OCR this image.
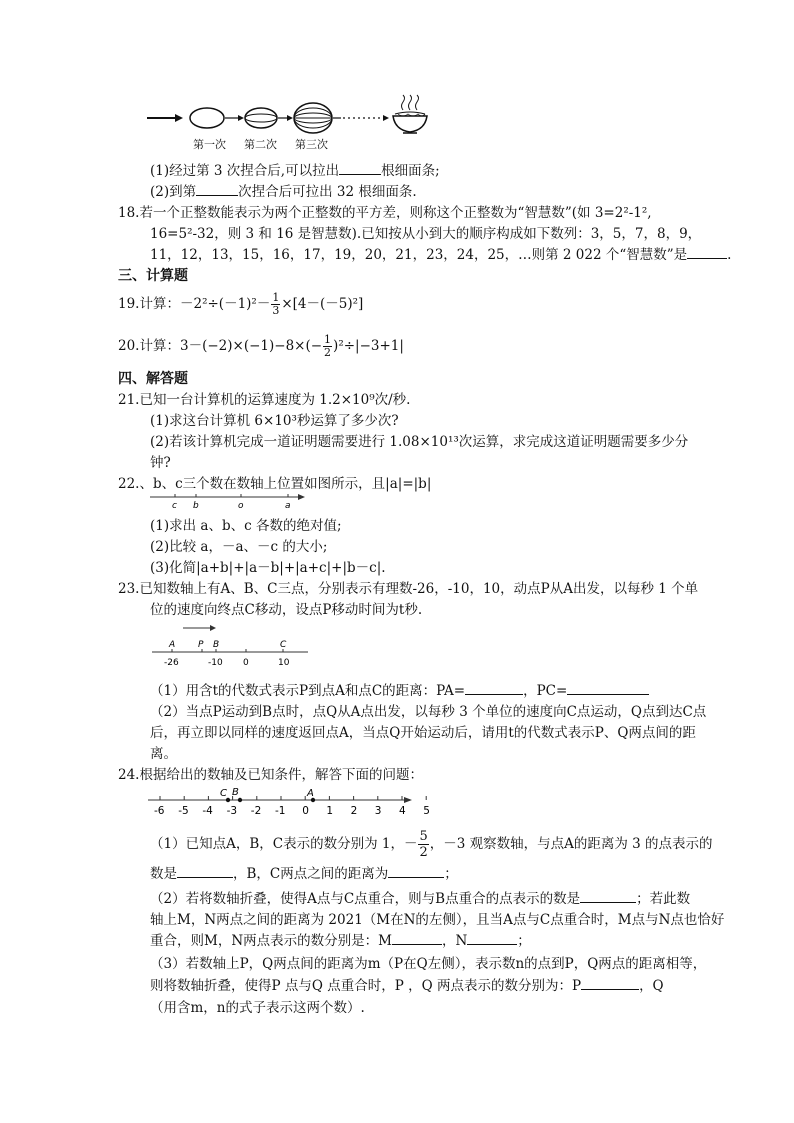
第一次 第二次 第三次
(1)经过第 3 次捏合后,可以拉出	根细面条;
(2)到第	次捏合后可拉出 32 根细面条.
18.若一个正整数能表示为两个正整数的平方差，则称这个正整数为“智慧数”(如 3=2²-1²,
16=5²-32，则 3 和 16 是智慧数).已知按从小到大的顺序构成如下数列：3，5，7，8，9，
11，12，13，15，16，17，19，20，21，23，24，25，…则第 2 022 个“智慧数”是	.
三、计算题
19.计算：$-2^2\div(-1)^2- \frac{1}{3} \times[4-(-5)^2]$
20.计算：$3-(-2)\times(-1)-8\times(- \frac{1}{2} )^2\div|-3+1|$
四、解答题
21.已知一台计算机的运算速度为 1.2×10⁹次/秒.
(1)求这台计算机 6×10³秒运算了多少次?
(2)若该计算机完成一道证明题需要进行 1.08×10¹³次运算，求完成这道证明题需要多少分
钟?
22.、b、c三个数在数轴上位置如图所示，且|a|=|b|
c b	o	a
(1)求出 a、b、c 各数的绝对值;
(2)比较 a，－a、－c 的大小;
(3)化简|a+b|+|a－b|+|a+c|+|b－c|.
23.已知数轴上有A、B、C三点，分别表示有理数-26，-10，10，动点P从A出发，以每秒 1 个单
位的速度向终点C移动，设点P移动时间为t秒.
A	P B	C
-26	-10 0	10
（1）用含t的代数式表示P到点A和点C的距离：PA=	，PC=
（2）当点P运动到B点时，点Q从A点出发，以每秒 3 个单位的速度向C点运动，Q点到达C点
后，再立即以同样的速度返回点A，当点Q开始运动后，请用t的代数式表示P、Q两点间的距
离。
24.根据给出的数轴及已知条件，解答下面的问题：
-6 -5 -4 -3 -2 -1 0 1 2 3 4 5
C B	A
（1）已知点A，B，C表示的数分别为 1，－ $\frac{5}{2}$ ，－3 观察数轴，与点A的距离为 3 的点表示的
数是	，B，C两点之间的距离为	；
（2）若将数轴折叠，使得A点与C点重合，则与B点重合的点表示的数是	；若此数
轴上M，N两点之间的距离为 2021（M在N的左侧），且当A点与C点重合时，M点与N点也恰好
重合，则M，N两点表示的数分别是：M	，N	；
（3）若数轴上P，Q两点间的距离为m（P在Q左侧），表示数n的点到P，Q两点的距离相等，
则将数轴折叠，使得P 点与Q 点重合时，P ，Q 两点表示的数分别为：P	，Q
（用含m，n的式子表示这两个数）.
